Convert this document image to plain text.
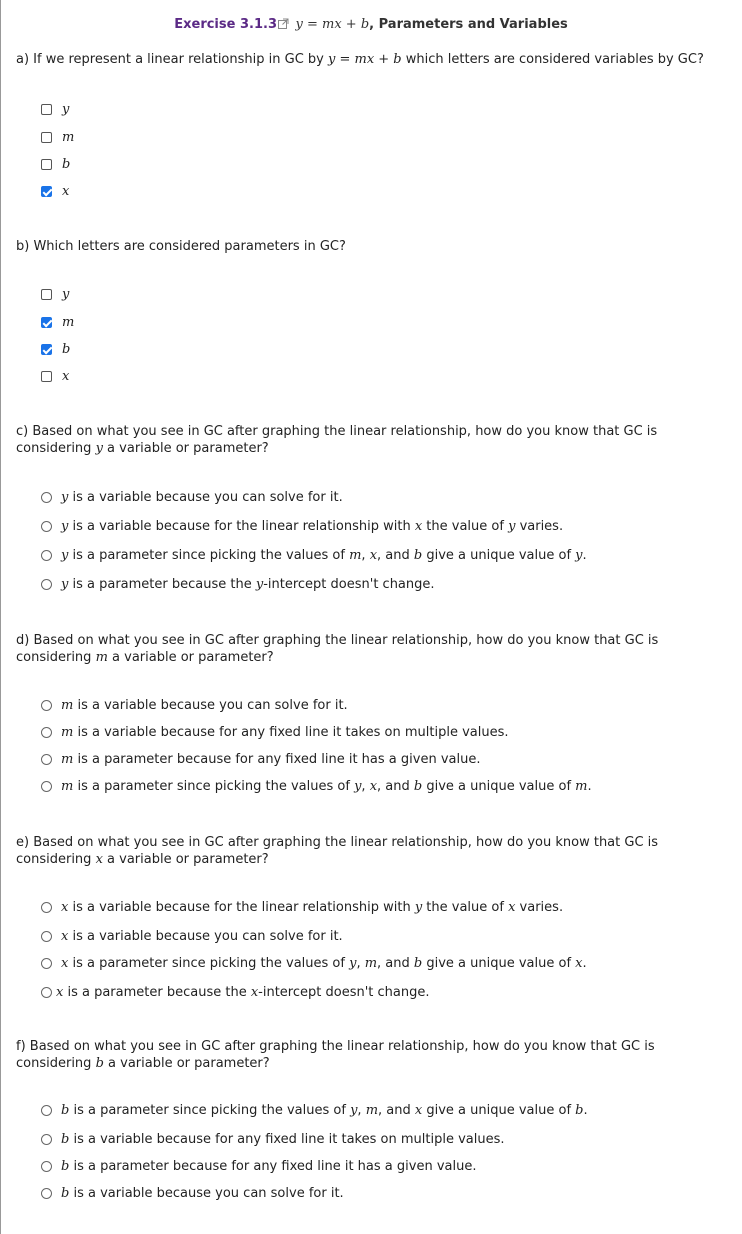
Exercise 3.1.3 y = mx + b, Parameters and Variables
a) If we represent a linear relationship in GC by y = mx + b which letters are considered variables by GC?
y
m
b
x
b) Which letters are considered parameters in GC?
y
m
b
x
c) Based on what you see in GC after graphing the linear relationship, how do you know that GC is considering y a variable or parameter?
y is a variable because you can solve for it.
y is a variable because for the linear relationship with x the value of y varies.
y is a parameter since picking the values of m , x , and b give a unique value of y .
y is a parameter because the y -intercept doesn't change.
d) Based on what you see in GC after graphing the linear relationship, how do you know that GC is considering m a variable or parameter?
m is a variable because you can solve for it.
m is a variable because for any fixed line it takes on multiple values.
m is a parameter because for any fixed line it has a given value.
m is a parameter since picking the values of y , x , and b give a unique value of m .
e) Based on what you see in GC after graphing the linear relationship, how do you know that GC is considering x a variable or parameter?
x is a variable because for the linear relationship with y the value of x varies.
x is a variable because you can solve for it.
x is a parameter since picking the values of y , m , and b give a unique value of x .
x is a parameter because the x -intercept doesn't change.
f) Based on what you see in GC after graphing the linear relationship, how do you know that GC is considering b a variable or parameter?
b is a parameter since picking the values of y , m , and x give a unique value of b .
b is a variable because for any fixed line it takes on multiple values.
b is a parameter because for any fixed line it has a given value.
b is a variable because you can solve for it.
